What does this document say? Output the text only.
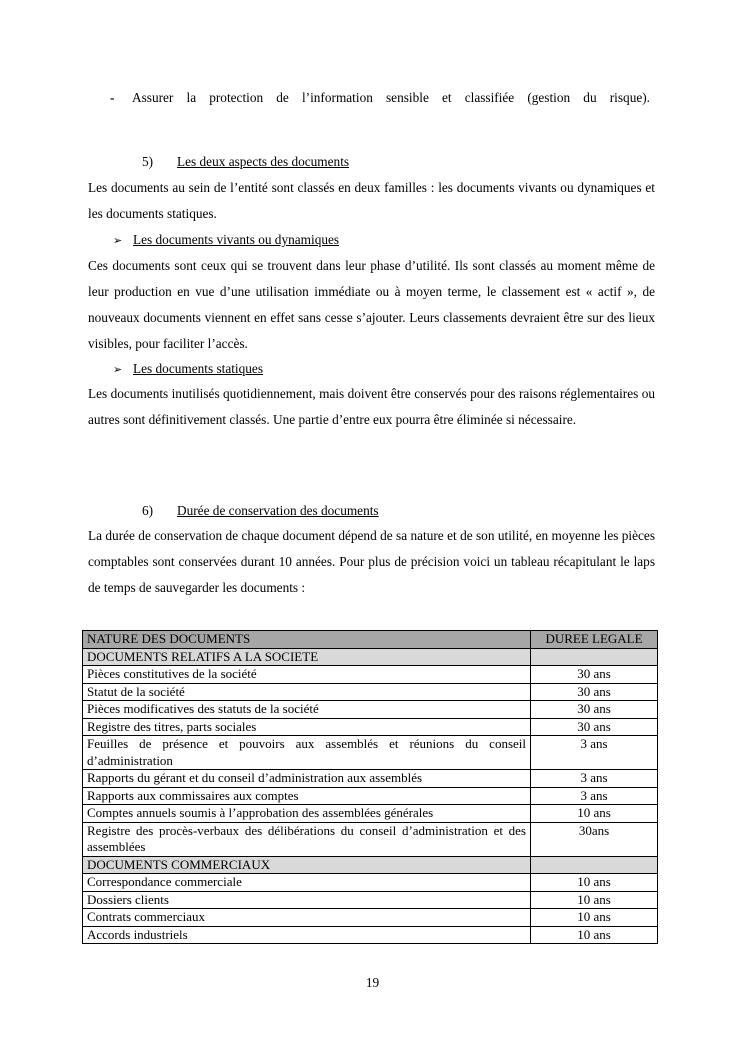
-	Assurer la protection de l’information sensible et classifiée (gestion du risque).
5) Les deux aspects des documents
Les documents au sein de l’entité sont classés en deux familles : les documents vivants ou dynamiques et les documents statiques.
➢ Les documents vivants ou dynamiques
Ces documents sont ceux qui se trouvent dans leur phase d’utilité. Ils sont classés au moment même de leur production en vue d’une utilisation immédiate ou à moyen terme, le classement est « actif », de nouveaux documents viennent en effet sans cesse s’ajouter. Leurs classements devraient être sur des lieux visibles, pour faciliter l’accès.
➢ Les documents statiques
Les documents inutilisés quotidiennement, mais doivent être conservés pour des raisons réglementaires ou autres sont définitivement classés. Une partie d’entre eux pourra être éliminée si nécessaire.
6) Durée de conservation des documents
La durée de conservation de chaque document dépend de sa nature et de son utilité, en moyenne les pièces comptables sont conservées durant 10 années. Pour plus de précision voici un tableau récapitulant le laps de temps de sauvegarder les documents :
NATURE DES DOCUMENTS	DUREE LEGALE
DOCUMENTS RELATIFS A LA SOCIETE	
Pièces constitutives de la société	30 ans
Statut de la société	30 ans
Pièces modificatives des statuts de la société	30 ans
Registre des titres, parts sociales	30 ans
Feuilles de présence et pouvoirs aux assemblés et réunions du conseil d’administration	3 ans
Rapports du gérant et du conseil d’administration aux assemblés	3 ans
Rapports aux commissaires aux comptes	3 ans
Comptes annuels soumis à l’approbation des assemblées générales	10 ans
Registre des procès-verbaux des délibérations du conseil d’administration et des assemblées	30ans
DOCUMENTS COMMERCIAUX	
Correspondance commerciale	10 ans
Dossiers clients	10 ans
Contrats commerciaux	10 ans
Accords industriels	10 ans
19
